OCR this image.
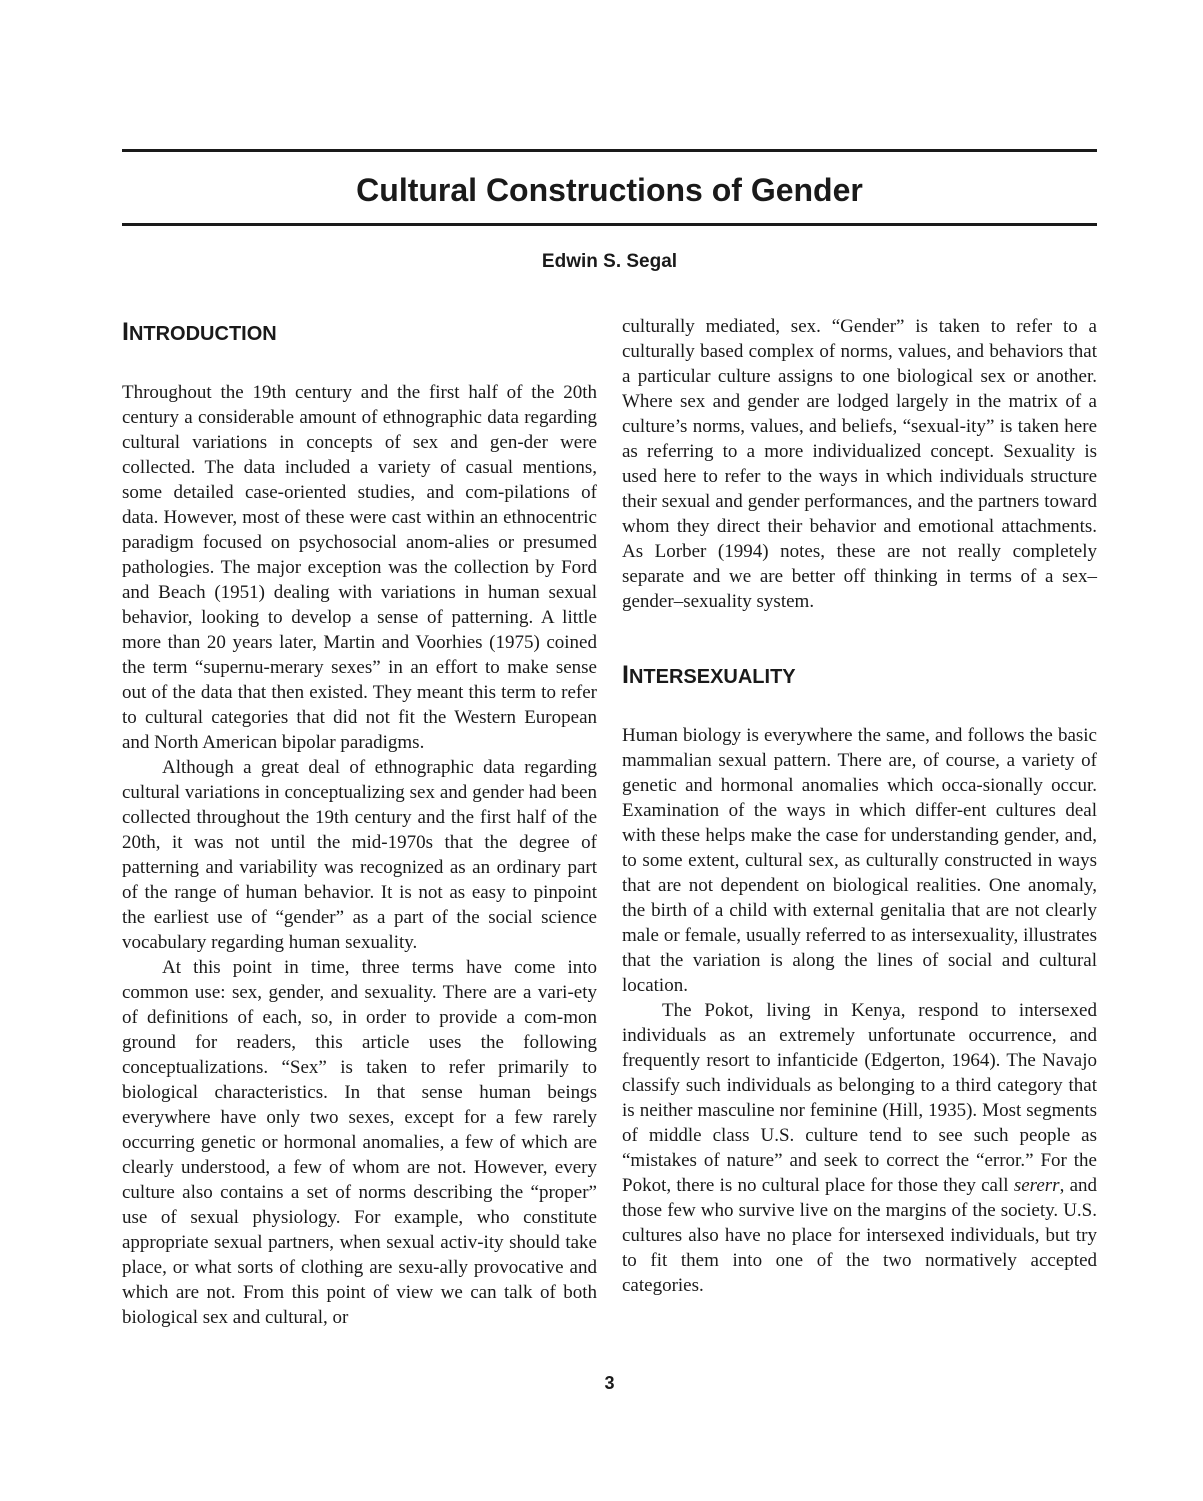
Cultural Constructions of Gender
Edwin S. Segal
INTRODUCTION

Throughout the 19th century and the first half of the 20th century a considerable amount of ethnographic data regarding cultural variations in concepts of sex and gen-der were collected. The data included a variety of casual mentions, some detailed case-oriented studies, and com-pilations of data. However, most of these were cast within an ethnocentric paradigm focused on psychosocial anom-alies or presumed pathologies. The major exception was the collection by Ford and Beach (1951) dealing with variations in human sexual behavior, looking to develop a sense of patterning. A little more than 20 years later, Martin and Voorhies (1975) coined the term “supernu-merary sexes” in an effort to make sense out of the data that then existed. They meant this term to refer to cultural categories that did not fit the Western European and North American bipolar paradigms.

Although a great deal of ethnographic data regarding cultural variations in conceptualizing sex and gender had been collected throughout the 19th century and the first half of the 20th, it was not until the mid-1970s that the degree of patterning and variability was recognized as an ordinary part of the range of human behavior. It is not as easy to pinpoint the earliest use of “gender” as a part of the social science vocabulary regarding human sexuality.

At this point in time, three terms have come into common use: sex, gender, and sexuality. There are a vari-ety of definitions of each, so, in order to provide a com-mon ground for readers, this article uses the following conceptualizations. “Sex” is taken to refer primarily to biological characteristics. In that sense human beings everywhere have only two sexes, except for a few rarely occurring genetic or hormonal anomalies, a few of which are clearly understood, a few of whom are not. However, every culture also contains a set of norms describing the “proper” use of sexual physiology. For example, who constitute appropriate sexual partners, when sexual activ-ity should take place, or what sorts of clothing are sexu-ally provocative and which are not. From this point of view we can talk of both biological sex and cultural, or

culturally mediated, sex. “Gender” is taken to refer to a culturally based complex of norms, values, and behaviors that a particular culture assigns to one biological sex or another. Where sex and gender are lodged largely in the matrix of a culture’s norms, values, and beliefs, “sexual-ity” is taken here as referring to a more individualized concept. Sexuality is used here to refer to the ways in which individuals structure their sexual and gender performances, and the partners toward whom they direct their behavior and emotional attachments. As Lorber (1994) notes, these are not really completely separate and we are better off thinking in terms of a sex–gender–sexuality system.

INTERSEXUALITY

Human biology is everywhere the same, and follows the basic mammalian sexual pattern. There are, of course, a variety of genetic and hormonal anomalies which occa-sionally occur. Examination of the ways in which differ-ent cultures deal with these helps make the case for understanding gender, and, to some extent, cultural sex, as culturally constructed in ways that are not dependent on biological realities. One anomaly, the birth of a child with external genitalia that are not clearly male or female, usually referred to as intersexuality, illustrates that the variation is along the lines of social and cultural location.

The Pokot, living in Kenya, respond to intersexed individuals as an extremely unfortunate occurrence, and frequently resort to infanticide (Edgerton, 1964). The Navajo classify such individuals as belonging to a third category that is neither masculine nor feminine (Hill, 1935). Most segments of middle class U.S. culture tend to see such people as “mistakes of nature” and seek to correct the “error.” For the Pokot, there is no cultural place for those they call sererr, and those few who survive live on the margins of the society. U.S. cultures also have no place for intersexed individuals, but try to fit them into one of the two normatively accepted categories.

3
